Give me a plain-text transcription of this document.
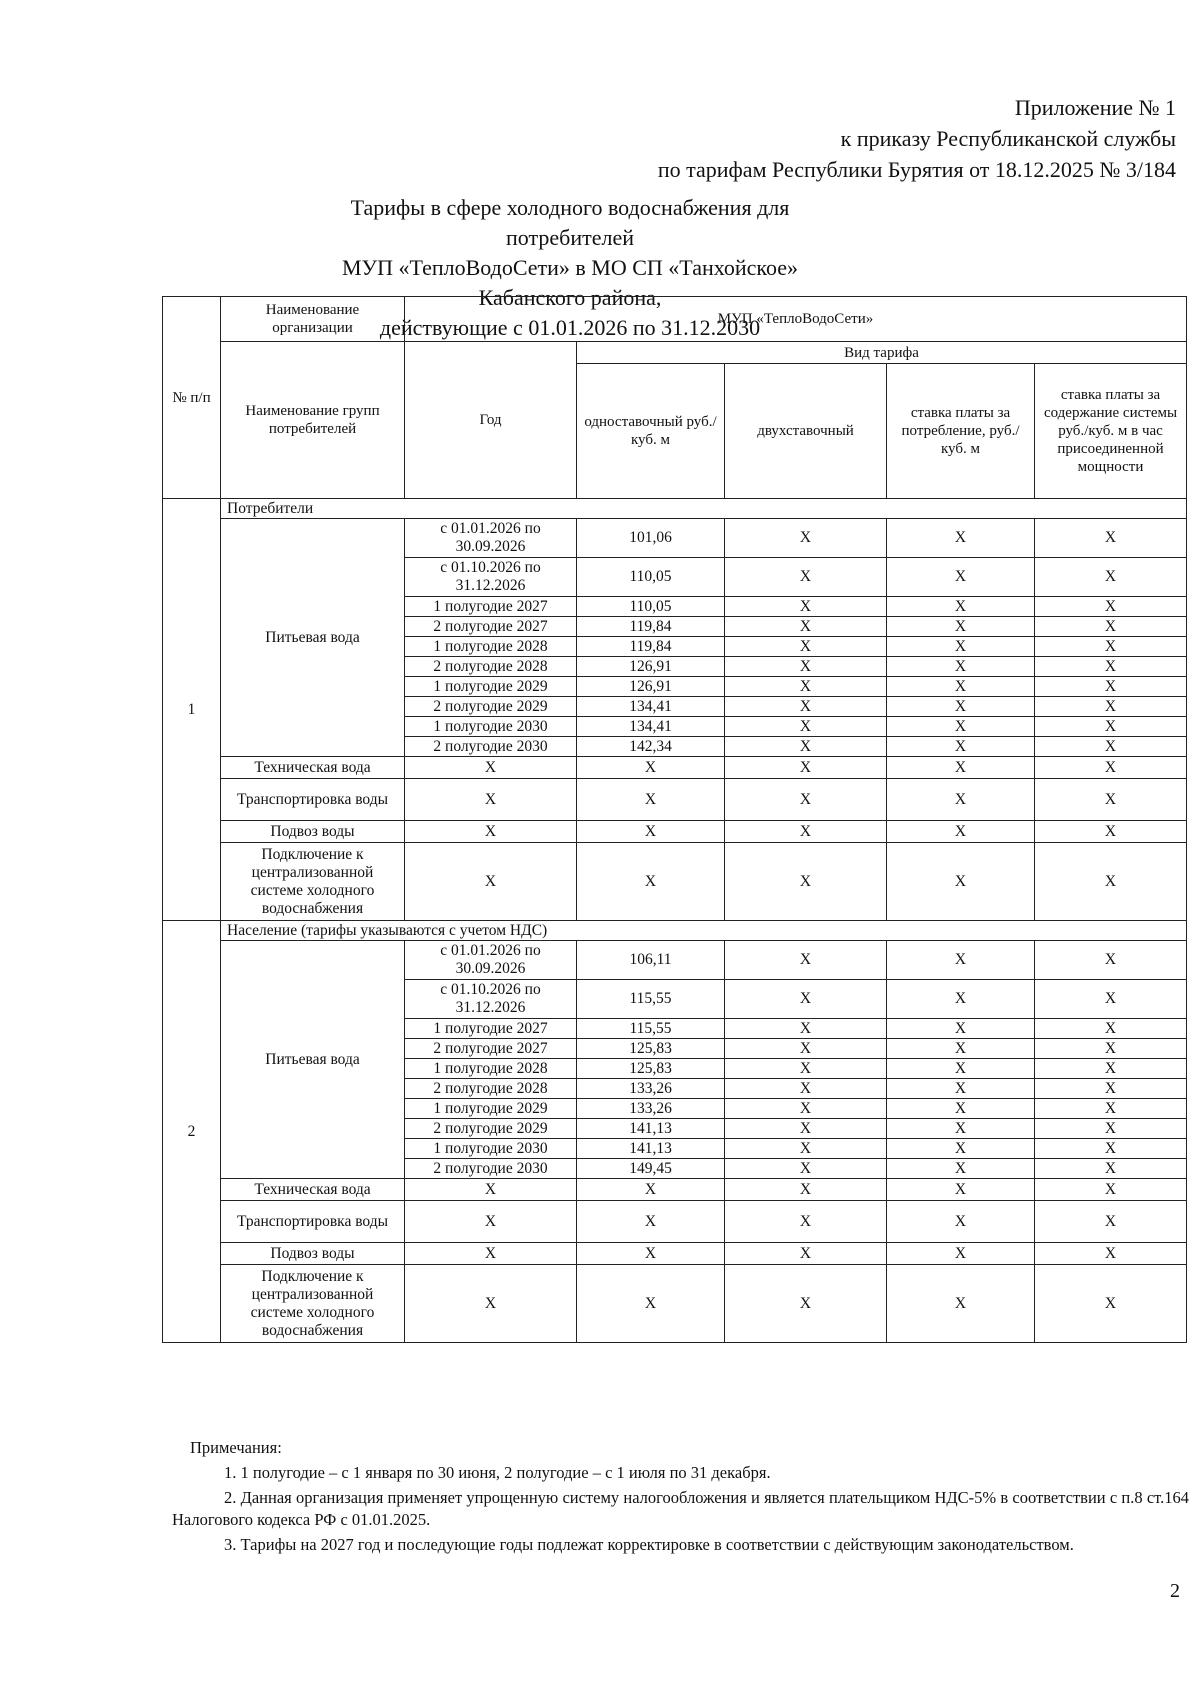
Приложение № 1
к приказу Республиканской службы
по тарифам Республики Бурятия от 18.12.2025 № 3/184
Тарифы в сфере холодного водоснабжения для потребителей
МУП «ТеплоВодоСети» в МО СП «Танхойское» Кабанского района,
действующие с 01.01.2026 по 31.12.2030
№ п/п	Наименование организации	МУП «ТеплоВодоСети»				
	Наименование групп потребителей	Год	Вид тарифа			
			одноставочный руб./ куб. м	двухставочный	ставка платы за потребление, руб./ куб. м	ставка платы за содержание системы руб./куб. м в час присоединенной мощности
1	Потребители					
	Питьевая вода	с 01.01.2026 по 30.09.2026	101,06	X	X	X
		с 01.10.2026 по 31.12.2026	110,05	X	X	X
		1 полугодие 2027	110,05	X	X	X
		2 полугодие 2027	119,84	X	X	X
		1 полугодие 2028	119,84	X	X	X
		2 полугодие 2028	126,91	X	X	X
		1 полугодие 2029	126,91	X	X	X
		2 полугодие 2029	134,41	X	X	X
		1 полугодие 2030	134,41	X	X	X
		2 полугодие 2030	142,34	X	X	X
	Техническая вода	X	X	X	X	X
	Транспортировка воды	X	X	X	X	X
	Подвоз воды	X	X	X	X	X
	Подключение к централизованной системе холодного водоснабжения	X	X	X	X	X
2	Население (тарифы указываются с учетом НДС)					
	Питьевая вода	с 01.01.2026 по 30.09.2026	106,11	X	X	X
		с 01.10.2026 по 31.12.2026	115,55	X	X	X
		1 полугодие 2027	115,55	X	X	X
		2 полугодие 2027	125,83	X	X	X
		1 полугодие 2028	125,83	X	X	X
		2 полугодие 2028	133,26	X	X	X
		1 полугодие 2029	133,26	X	X	X
		2 полугодие 2029	141,13	X	X	X
		1 полугодие 2030	141,13	X	X	X
		2 полугодие 2030	149,45	X	X	X
	Техническая вода	X	X	X	X	X
	Транспортировка воды	X	X	X	X	X
	Подвоз воды	X	X	X	X	X
	Подключение к централизованной системе холодного водоснабжения	X	X	X	X	X

Примечания:

1. 1 полугодие – с 1 января по 30 июня, 2 полугодие – с 1 июля по 31 декабря.

2. Данная организация применяет упрощенную систему налогообложения и является плательщиком НДС-5% в соответствии с п.8 ст.164 Налогового кодекса РФ с 01.01.2025.

3. Тарифы на 2027 год и последующие годы подлежат корректировке в соответствии с действующим законодательством.

2
